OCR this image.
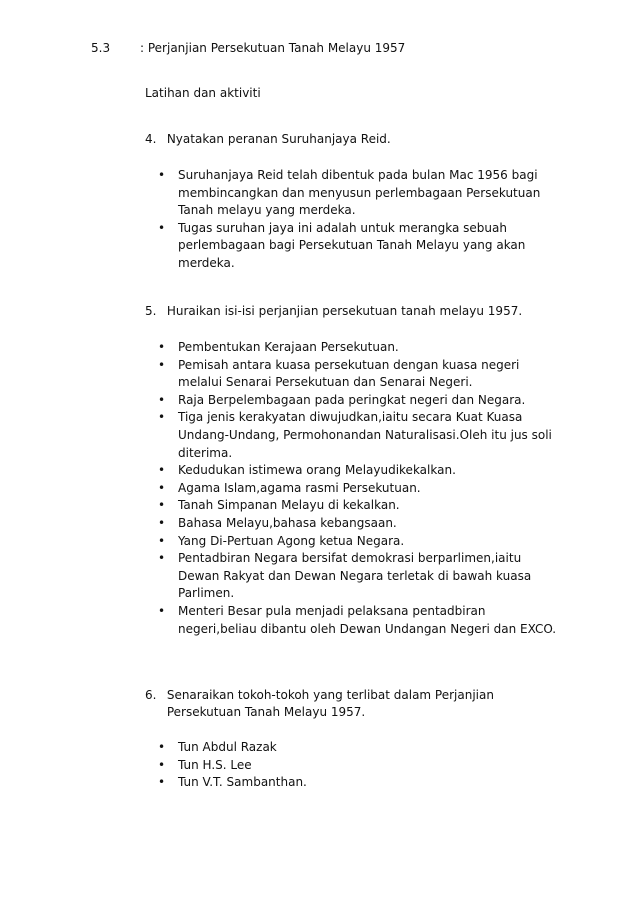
5.3 : Perjanjian Persekutuan Tanah Melayu 1957
Latihan dan aktiviti
4. Nyatakan peranan Suruhanjaya Reid.
• Suruhanjaya Reid telah dibentuk pada bulan Mac 1956 bagi membincangkan dan menyusun perlembagaan Persekutuan Tanah melayu yang merdeka.
• Tugas suruhan jaya ini adalah untuk merangka sebuah perlembagaan bagi Persekutuan Tanah Melayu yang akan merdeka.
5. Huraikan isi-isi perjanjian persekutuan tanah melayu 1957.
• Pembentukan Kerajaan Persekutuan.
• Pemisah antara kuasa persekutuan dengan kuasa negeri melalui Senarai Persekutuan dan Senarai Negeri.
• Raja Berpelembagaan pada peringkat negeri dan Negara.
• Tiga jenis kerakyatan diwujudkan,iaitu secara Kuat Kuasa Undang-Undang, Permohonandan Naturalisasi.Oleh itu jus soli diterima.
• Kedudukan istimewa orang Melayudikekalkan.
• Agama Islam,agama rasmi Persekutuan.
• Tanah Simpanan Melayu di kekalkan.
• Bahasa Melayu,bahasa kebangsaan.
• Yang Di-Pertuan Agong ketua Negara.
• Pentadbiran Negara bersifat demokrasi berparlimen,iaitu Dewan Rakyat dan Dewan Negara terletak di bawah kuasa Parlimen.
• Menteri Besar pula menjadi pelaksana pentadbiran negeri,beliau dibantu oleh Dewan Undangan Negeri dan EXCO.
6. Senaraikan tokoh-tokoh yang terlibat dalam Perjanjian Persekutuan Tanah Melayu 1957.
• Tun Abdul Razak
• Tun H.S. Lee
• Tun V.T. Sambanthan.
